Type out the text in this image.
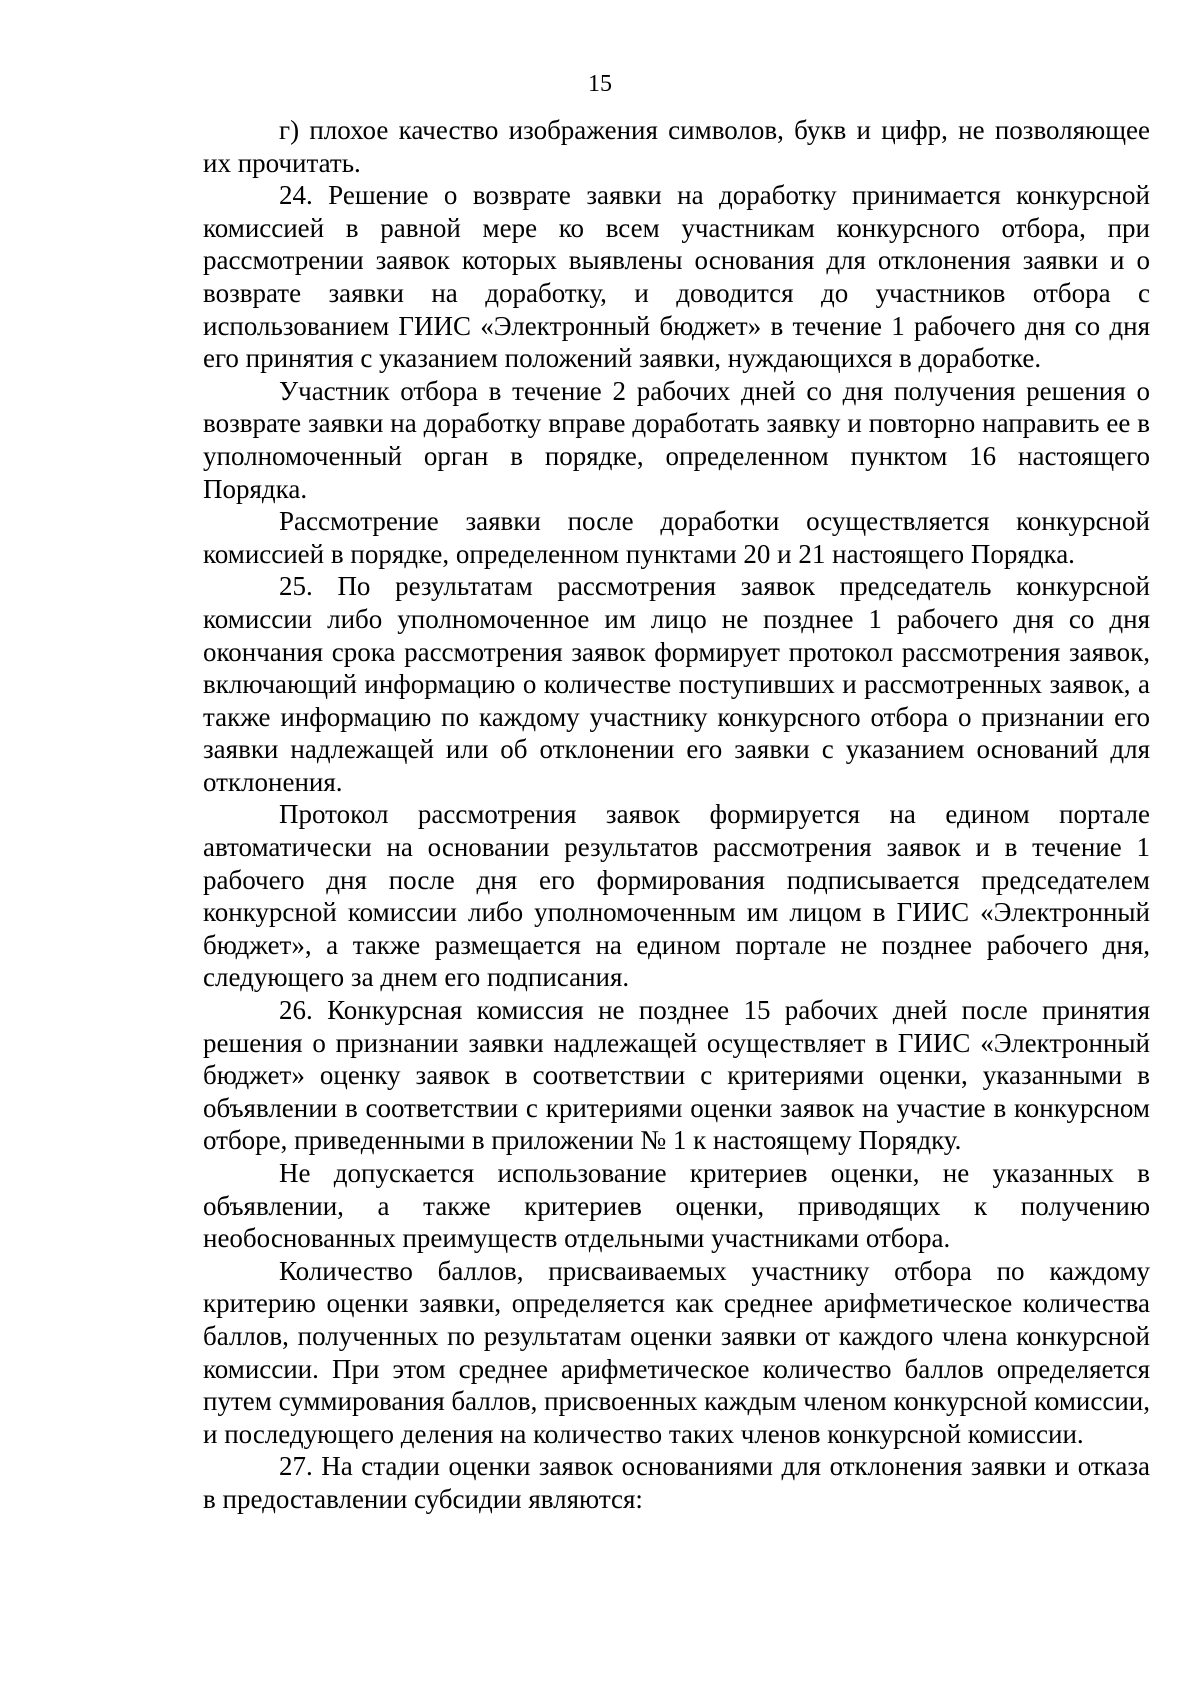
15

г) плохое качество изображения символов, букв и цифр, не позволяющее их прочитать.

24. Решение о возврате заявки на доработку принимается конкурсной комиссией в равной мере ко всем участникам конкурсного отбора, при рассмотрении заявок которых выявлены основания для отклонения заявки и о возврате заявки на доработку, и доводится до участников отбора с использованием ГИИС «Электронный бюджет» в течение 1 рабочего дня со дня его принятия с указанием положений заявки, нуждающихся в доработке.

Участник отбора в течение 2 рабочих дней со дня получения решения о возврате заявки на доработку вправе доработать заявку и повторно направить ее в уполномоченный орган в порядке, определенном пунктом 16 настоящего Порядка.

Рассмотрение заявки после доработки осуществляется конкурсной комиссией в порядке, определенном пунктами 20 и 21 настоящего Порядка.

25. По результатам рассмотрения заявок председатель конкурсной комиссии либо уполномоченное им лицо не позднее 1 рабочего дня со дня окончания срока рассмотрения заявок формирует протокол рассмотрения заявок, включающий информацию о количестве поступивших и рассмотренных заявок, а также информацию по каждому участнику конкурсного отбора о признании его заявки надлежащей или об отклонении его заявки с указанием оснований для отклонения.

Протокол рассмотрения заявок формируется на едином портале автоматически на основании результатов рассмотрения заявок и в течение 1 рабочего дня после дня его формирования подписывается председателем конкурсной комиссии либо уполномоченным им лицом в ГИИС «Электронный бюджет», а также размещается на едином портале не позднее рабочего дня, следующего за днем его подписания.

26. Конкурсная комиссия не позднее 15 рабочих дней после принятия решения о признании заявки надлежащей осуществляет в ГИИС «Электронный бюджет» оценку заявок в соответствии с критериями оценки, указанными в объявлении в соответствии с критериями оценки заявок на участие в конкурсном отборе, приведенными в приложении № 1 к настоящему Порядку.

Не допускается использование критериев оценки, не указанных в объявлении, а также критериев оценки, приводящих к получению необоснованных преимуществ отдельными участниками отбора.

Количество баллов, присваиваемых участнику отбора по каждому критерию оценки заявки, определяется как среднее арифметическое количества баллов, полученных по результатам оценки заявки от каждого члена конкурсной комиссии. При этом среднее арифметическое количество баллов определяется путем суммирования баллов, присвоенных каждым членом конкурсной комиссии, и последующего деления на количество таких членов конкурсной комиссии.

27. На стадии оценки заявок основаниями для отклонения заявки и отказа в предоставлении субсидии являются:
